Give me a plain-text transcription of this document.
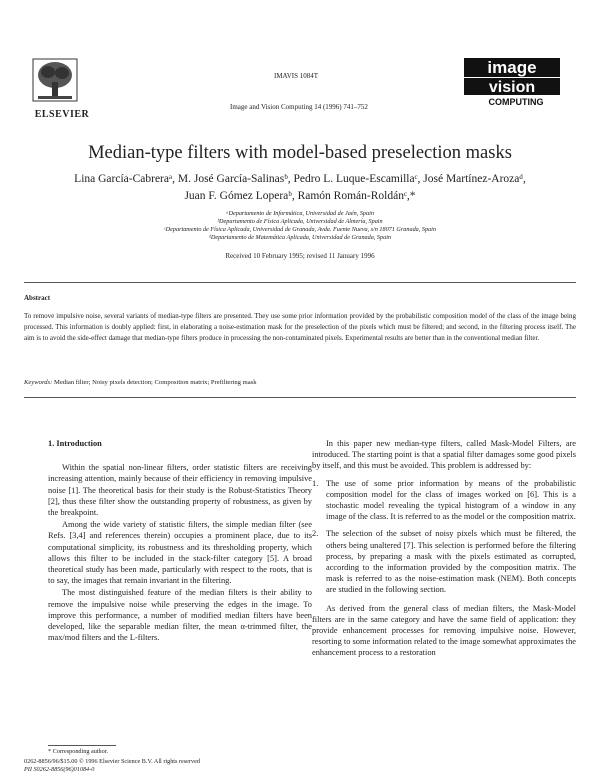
ELSEVIER
IMAVIS 1084T
Image and Vision Computing 14 (1996) 741–752
image
vision
COMPUTING
Median-type filters with model-based preselection masks
Lina García-Cabreraᵃ, M. José García-Salinasᵇ, Pedro L. Luque-Escamillaᶜ, José Martínez-Arozaᵈ,
Juan F. Gómez Loperaᵇ, Ramón Román-Roldánᶜ,*
ᵃDepartamento de Informática, Universidad de Jaén, Spain
ᵇDepartamento de Física Aplicada, Universidad de Almería, Spain
ᶜDepartamento de Física Aplicada, Universidad de Granada, Avda. Fuente Nueva, s/n 18071 Granada, Spain
ᵈDepartamento de Matemática Aplicada, Universidad de Granada, Spain
Received 10 February 1995; revised 11 January 1996
Abstract
To remove impulsive noise, several variants of median-type filters are presented. They use some prior information provided by the probabilistic composition model of the class of the image being processed. This information is doubly applied: first, in elaborating a noise-estimation mask for the preselection of the pixels which must be filtered; and second, in the filtering process itself. The aim is to avoid the side-effect damage that median-type filters produce in processing the non-contaminated pixels. Experimental results are better than in the conventional median filter.
Keywords: Median filter; Noisy pixels detection; Composition matrix; Prefiltering mask
1. Introduction

Within the spatial non-linear filters, order statistic filters are receiving increasing attention, mainly because of their efficiency in removing impulsive noise [1]. The theoretical basis for their study is the Robust-Statistics Theory [2], thus these filter show the outstanding property of robustness, as given by the breakpoint.

Among the wide variety of statistic filters, the simple median filter (see Refs. [3,4] and references therein) occupies a prominent place, due to its computational simplicity, its robustness and its thresholding property, which allows this filter to be included in the stack-filter category [5]. A broad theoretical study has been made, particularly with respect to the roots, that is to say, the images that remain invariant in the filtering.

The most distinguished feature of the median filters is their ability to remove the impulsive noise while preserving the edges in the image. To improve this performance, a number of modified median filters have been developed, like the separable median filter, the mean α-trimmed filter, the max/mod filters and the L-filters.

In this paper new median-type filters, called Mask-Model Filters, are introduced. The starting point is that a spatial filter damages some good pixels by itself, and this must be avoided. This problem is addressed by:

1. The use of some prior information by means of the probabilistic composition model for the class of images worked on [6]. This is a stochastic model revealing the typical histogram of a window in any image of the class. It is referred to as the model or the composition matrix.
2. The selection of the subset of noisy pixels which must be filtered, the others being unaltered [7]. This selection is performed before the filtering process, by preparing a mask with the pixels estimated as corrupted, according to the information provided by the composition matrix. The mask is referred to as the noise-estimation mask (NEM). Both concepts are studied in the following section.

As derived from the general class of median filters, the Mask-Model filters are in the same category and have the same field of application: they provide enhancement processes for removing impulsive noise. However, resorting to some information related to the image somewhat approximates the enhancement process to a restoration

* Corresponding author.
0262-8856/96/$15.00 © 1996 Elsevier Science B.V. All rights reserved
PII S0262-8856(96)01084-0
